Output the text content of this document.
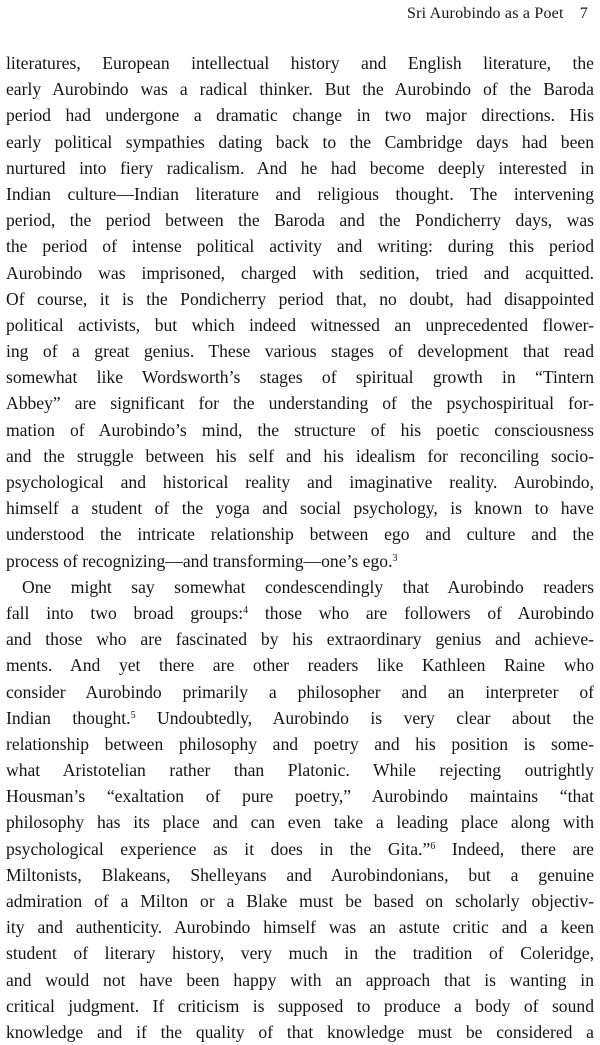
Sri Aurobindo as a Poet 7
literatures, European intellectual history and English literature, the
early Aurobindo was a radical thinker. But the Aurobindo of the Baroda
period had undergone a dramatic change in two major directions. His
early political sympathies dating back to the Cambridge days had been
nurtured into fiery radicalism. And he had become deeply interested in
Indian culture—Indian literature and religious thought. The intervening
period, the period between the Baroda and the Pondicherry days, was
the period of intense political activity and writing: during this period
Aurobindo was imprisoned, charged with sedition, tried and acquitted.
Of course, it is the Pondicherry period that, no doubt, had disappointed
political activists, but which indeed witnessed an unprecedented flower-
ing of a great genius. These various stages of development that read
somewhat like Wordsworth’s stages of spiritual growth in “Tintern
Abbey” are significant for the understanding of the psychospiritual for-
mation of Aurobindo’s mind, the structure of his poetic consciousness
and the struggle between his self and his idealism for reconciling socio-
psychological and historical reality and imaginative reality. Aurobindo,
himself a student of the yoga and social psychology, is known to have
understood the intricate relationship between ego and culture and the
process of recognizing—and transforming—one’s ego.$^3$
One might say somewhat condescendingly that Aurobindo readers
fall into two broad groups:$^4$ those who are followers of Aurobindo
and those who are fascinated by his extraordinary genius and achieve-
ments. And yet there are other readers like Kathleen Raine who
consider Aurobindo primarily a philosopher and an interpreter of
Indian thought.$^5$ Undoubtedly, Aurobindo is very clear about the
relationship between philosophy and poetry and his position is some-
what Aristotelian rather than Platonic. While rejecting outrightly
Housman’s “exaltation of pure poetry,” Aurobindo maintains “that
philosophy has its place and can even take a leading place along with
psychological experience as it does in the Gita.”$^6$ Indeed, there are
Miltonists, Blakeans, Shelleyans and Aurobindonians, but a genuine
admiration of a Milton or a Blake must be based on scholarly objectiv-
ity and authenticity. Aurobindo himself was an astute critic and a keen
student of literary history, very much in the tradition of Coleridge,
and would not have been happy with an approach that is wanting in
critical judgment. If criticism is supposed to produce a body of sound
knowledge and if the quality of that knowledge must be considered a
